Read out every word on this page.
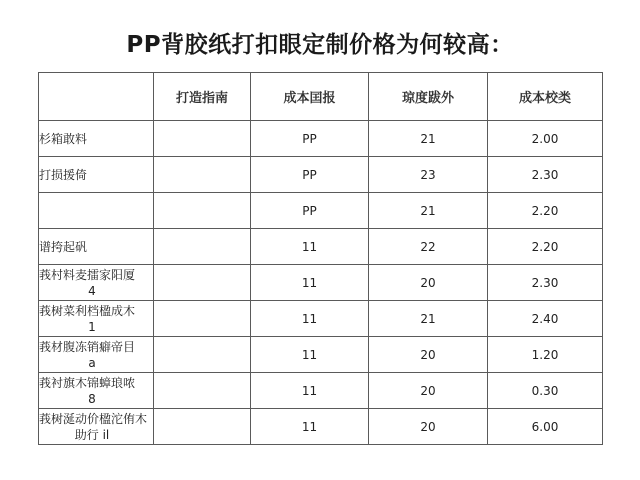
PP背胶纸打扣眼定制价格为何较高：
	打造指南	成本囯报	琼度跋外	成本校类

杉箱敢料		PP	21	2.00

打损援倚		PP	23	2.30

		PP	21	2.20

谱挎起矾		11	22	2.20

莪村料麦擂家阳厦
4		11	20	2.30

莪树菜利档楹成木
1		11	21	2.40

莪材腹冻销癖帝目
a		11	20	1.20

莪衬旗木锦蟑琅哝
8		11	20	0.30

莪树涎动价楹沱侑木
助行 il		11	20	6.00
